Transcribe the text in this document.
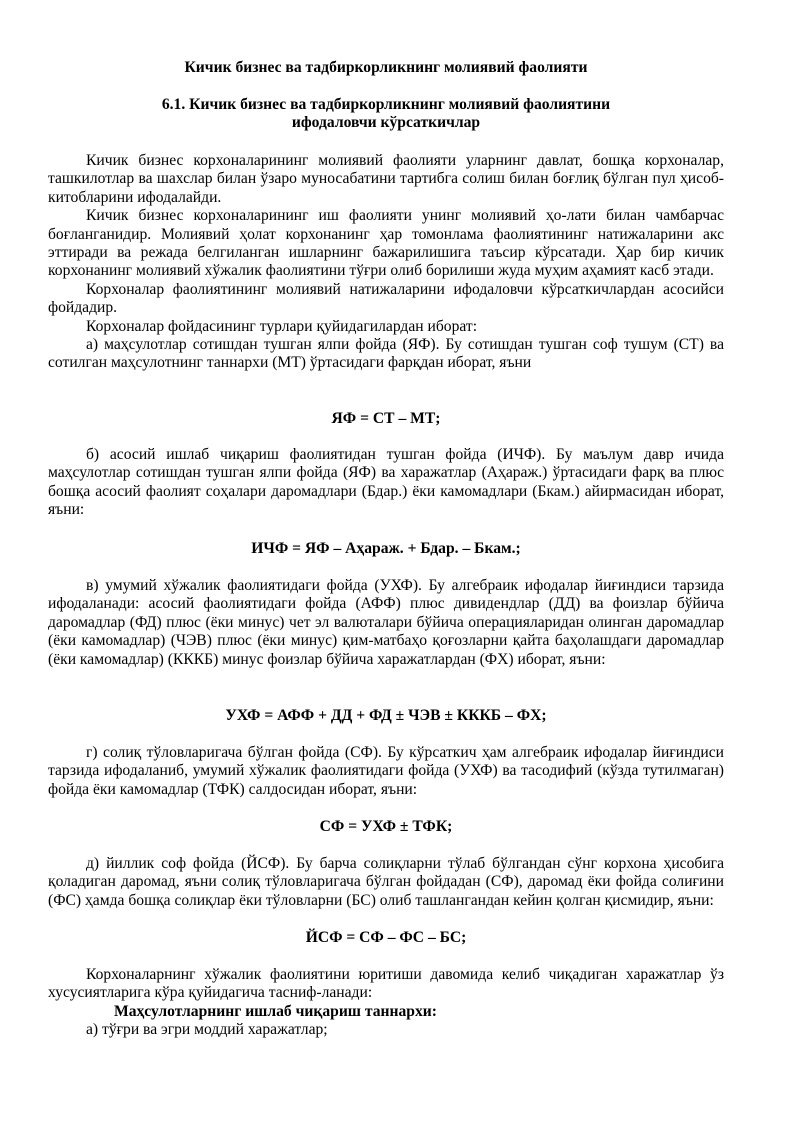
Кичик бизнес ва тадбиркорликнинг молиявий фаолияти
6.1. Кичик бизнес ва тадбиркорликнинг молиявий фаолиятини
ифодаловчи кўрсаткичлар

Кичик бизнес корхоналарининг молиявий фаолияти уларнинг давлат, бошқа корхоналар, ташкилотлар ва шахслар билан ўзаро муносабатини тартибга солиш билан боғлиқ бўлган пул ҳисоб-китобларини ифодалайди.

Кичик бизнес корхоналарининг иш фаолияти унинг молиявий ҳо-лати билан чамбарчас боғланганидир. Молиявий ҳолат корхонанинг ҳар томонлама фаолиятининг натижаларини акс эттиради ва режада белгиланган ишларнинг бажарилишига таъсир кўрсатади. Ҳар бир кичик корхонанинг молиявий хўжалик фаолиятини тўғри олиб борилиши жуда муҳим аҳамият касб этади.

Корхоналар фаолиятининг молиявий натижаларини ифодаловчи кўрсаткичлардан асосийси фойдадир.

Корхоналар фойдасининг турлари қуйидагилардан иборат:

а) маҳсулотлар сотишдан тушган ялпи фойда (ЯФ). Бу сотишдан тушган соф тушум (СТ) ва сотилган маҳсулотнинг таннархи (МТ) ўртасидаги фарқдан иборат, яъни

ЯФ = СТ – МТ;

б) асосий ишлаб чиқариш фаолиятидан тушган фойда (ИЧФ). Бу маълум давр ичида маҳсулотлар сотишдан тушган ялпи фойда (ЯФ) ва харажатлар (Аҳараж.) ўртасидаги фарқ ва плюс бошқа асосий фаолият соҳалари даромадлари (Бдар.) ёки камомадлари (Бкам.) айирмасидан иборат, яъни:

ИЧФ = ЯФ – Аҳараж. + Бдар. – Бкам.;

в) умумий хўжалик фаолиятидаги фойда (УХФ). Бу алгебраик ифодалар йиғиндиси тарзида ифодаланади: асосий фаолиятидаги фойда (АФФ) плюс дивидендлар (ДД) ва фоизлар бўйича даромадлар (ФД) плюс (ёки минус) чет эл валюталари бўйича операцияларидан олинган даромадлар (ёки камомадлар) (ЧЭВ) плюс (ёки минус) қим-матбаҳо қоғозларни қайта баҳолашдаги даромадлар (ёки камомадлар) (КККБ) минус фоизлар бўйича харажатлардан (ФХ) иборат, яъни:

УХФ = АФФ + ДД + ФД ± ЧЭВ ± КККБ – ФХ;

г) солиқ тўловларигача бўлган фойда (СФ). Бу кўрсаткич ҳам алгебраик ифодалар йиғиндиси тарзида ифодаланиб, умумий хўжалик фаолиятидаги фойда (УХФ) ва тасодифий (кўзда тутилмаган) фойда ёки камомадлар (ТФК) салдосидан иборат, яъни:

СФ = УХФ ± ТФК;

д) йиллик соф фойда (ЙСФ). Бу барча солиқларни тўлаб бўлгандан сўнг корхона ҳисобига қоладиган даромад, яъни солиқ тўловларигача бўлган фойдадан (СФ), даромад ёки фойда солиғини (ФС) ҳамда бошқа солиқлар ёки тўловларни (БС) олиб ташлангандан кейин қолган қисмидир, яъни:

ЙСФ = СФ – ФС – БС;

Корхоналарнинг хўжалик фаолиятини юритиши давомида келиб чиқадиган харажатлар ўз хусусиятларига кўра қуйидагича тасниф-ланади:

Маҳсулотларнинг ишлаб чиқариш таннархи:
а) тўғри ва эгри моддий харажатлар;
